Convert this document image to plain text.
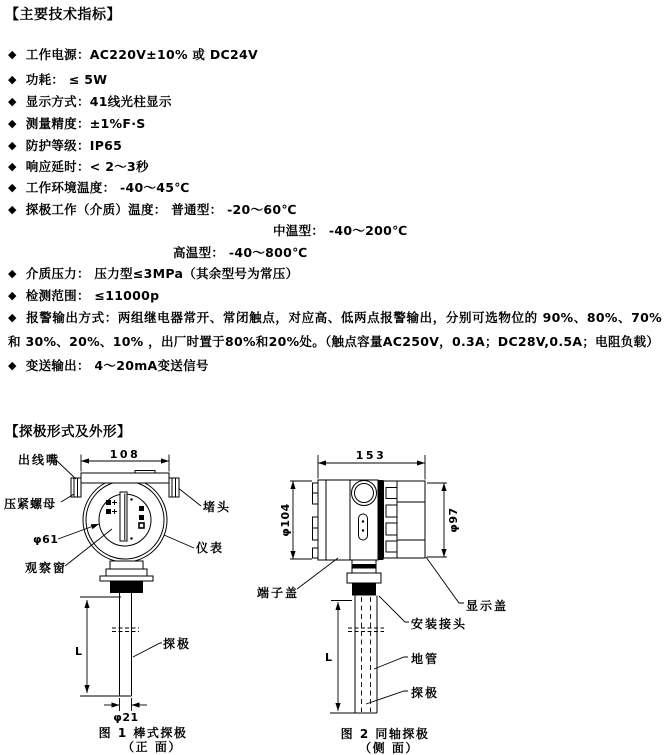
【主要技术指标】
◆ 工作电源：AC220V±10% 或 DC24V
◆ 功耗： ≤ 5W
◆ 显示方式：41线光柱显示
◆ 测量精度：±1%F·S
◆ 防护等级：IP65
◆ 响应延时：< 2～3秒
◆ 工作环境温度： -40～45℃
◆ 探极工作（介质）温度： 普通型： -20～60℃
中温型： -40～200℃
高温型： -40～800℃
◆ 介质压力： 压力型≤3MPa（其余型号为常压）
◆ 检测范围： ≤11000p
◆ 报警输出方式：两组继电器常开、常闭触点，对应高、低两点报警输出，分别可选物位的 90%、80%、70% 和 30%、20%、10% ，出厂时置于80%和20%处。（触点容量AC250V，0.3A；DC28V,0.5A；电阻负载）
◆ 变送输出： 4～20mA变送信号
【探极形式及外形】
108
L
φ21
出线嘴
压紧螺母
φ61
观察窗
堵头
仪表
探极
图 1 棒式探极
（正 面）
153
φ104	φ97
L
端子盖
显示盖
安装接头
地管
探极
图 2 同轴探极
（侧 面）
